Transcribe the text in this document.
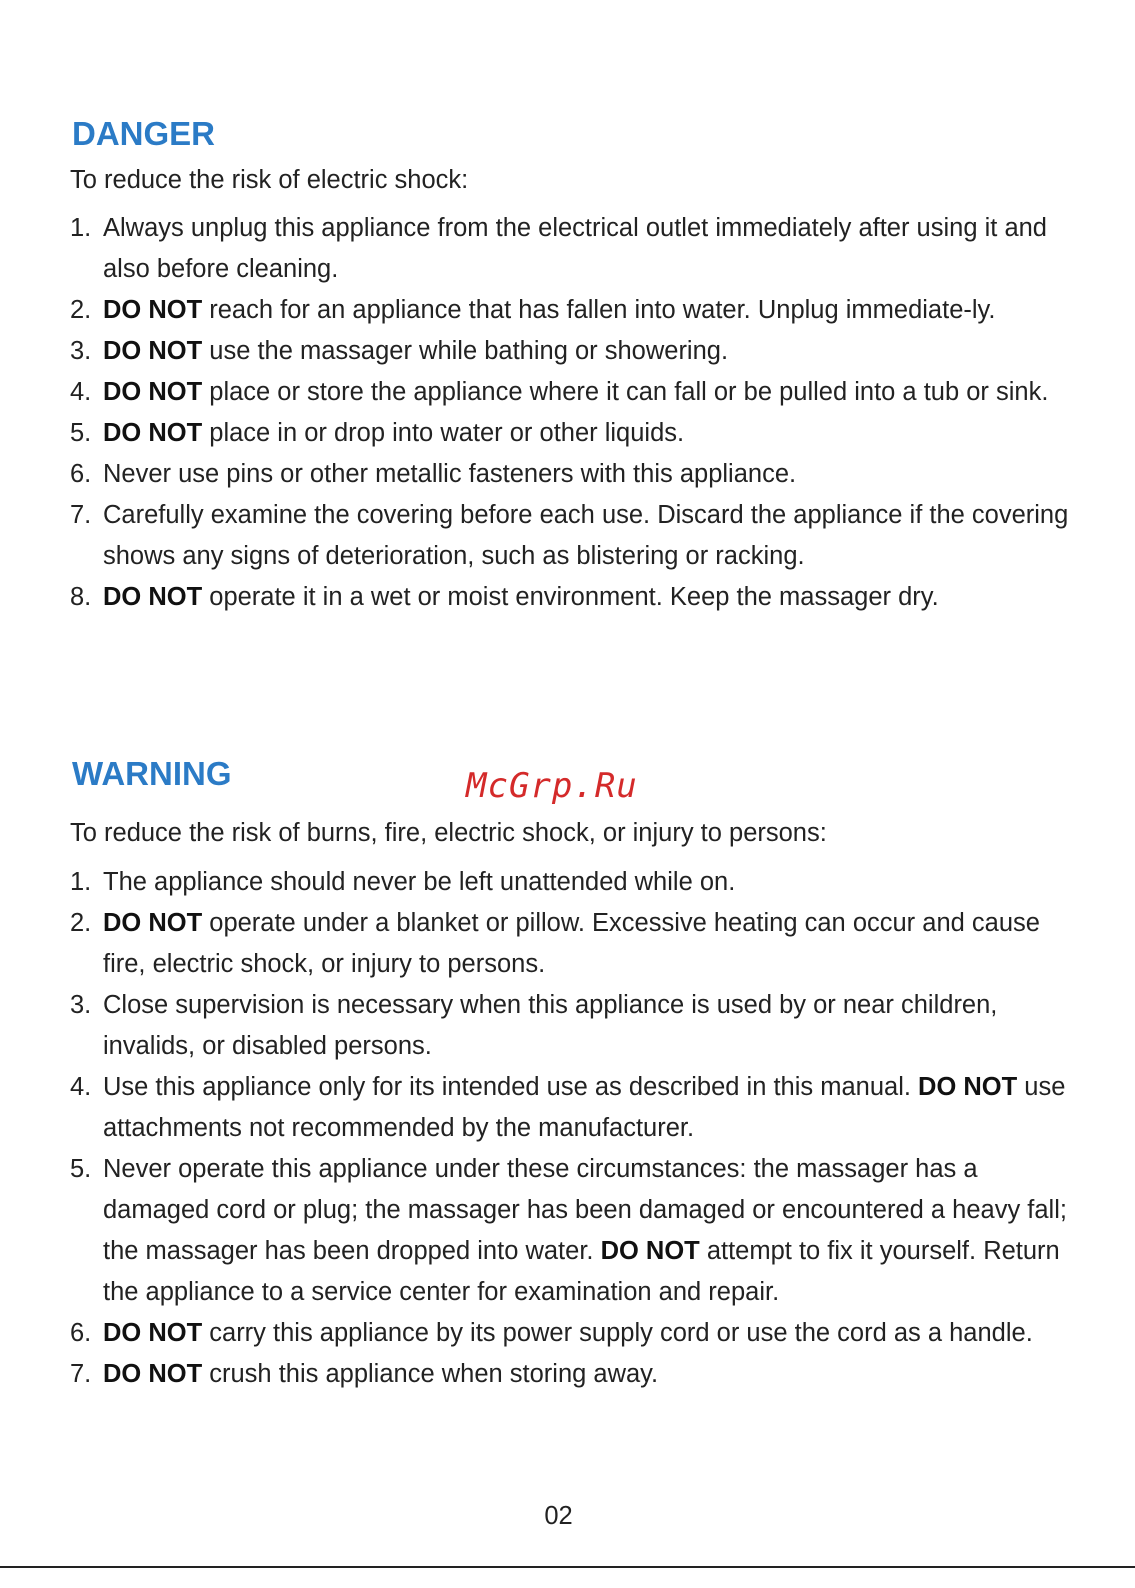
DANGER

To reduce the risk of electric shock:

1. Always unplug this appliance from the electrical outlet immediately after using it and also before cleaning.
2. DO NOT reach for an appliance that has fallen into water. Unplug immediate-ly.
3. DO NOT use the massager while bathing or showering.
4. DO NOT place or store the appliance where it can fall or be pulled into a tub or sink.
5. DO NOT place in or drop into water or other liquids.
6. Never use pins or other metallic fasteners with this appliance.
7. Carefully examine the covering before each use. Discard the appliance if the covering shows any signs of deterioration, such as blistering or racking.
8. DO NOT operate it in a wet or moist environment. Keep the massager dry.
WARNING	McGrp.Ru

To reduce the risk of burns, fire, electric shock, or injury to persons:

1. The appliance should never be left unattended while on.
2. DO NOT operate under a blanket or pillow. Excessive heating can occur and cause fire, electric shock, or injury to persons.
3. Close supervision is necessary when this appliance is used by or near children, invalids, or disabled persons.
4. Use this appliance only for its intended use as described in this manual. DO NOT use attachments not recommended by the manufacturer.
5. Never operate this appliance under these circumstances: the massager has a damaged cord or plug; the massager has been damaged or encountered a heavy fall; the massager has been dropped into water. DO NOT attempt to fix it yourself. Return the appliance to a service center for examination and repair.
6. DO NOT carry this appliance by its power supply cord or use the cord as a handle.
7. DO NOT crush this appliance when storing away.
02
